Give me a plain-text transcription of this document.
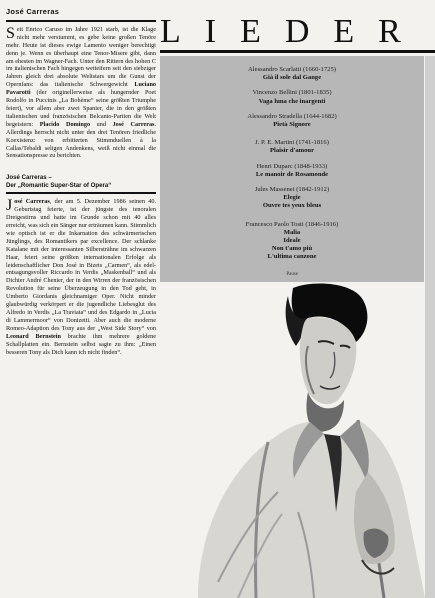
José Carreras

Seit Enrico Caruso im Jahre 1921 starb, ist die Klage nicht mehr verstummt, es gebe keine großen Tenöre mehr. Heute ist dieses ewige Lamento weniger berechtigt denn je. Wenn es überhaupt eine Tenor-Misere gibt, dann am ehesten im Wagner-Fach. Unter den Rittern des hohen C im italienischen Fach hingegen wetteifern seit den siebziger Jahren gleich drei absolute Weltstars um die Gunst der Opernfans: das italienische Schwergewicht Luciano Pavarotti (der originellerweise als hungernder Poet Rodolfo in Puccinis „La Bohème“ seine größten Triumphe feiert), vor allem aber zwei Spanier, die in den größten italienischen und französischen Belcanto-Partien die Welt begeistern: Placido Domingo und José Carreras. Allerdings herrscht nicht unter den drei Tenören friedliche Koexistenz: von erbitterten Stimmduellen à la Callas/Tebaldi seligen Andenkens, weiß nicht einmal die Sensationspresse zu berichten.

José Carreras –
Der „Romantic Super-Star of Opera“

José Carreras, der am 5. Dezember 1986 seinen 40. Geburtstag feierte, ist der jüngste des tenoralen Dreigestirns und hatte im Grunde schon mit 40 alles erreicht, was sich ein Sänger nur erträumen kann. Stimmlich wie optisch ist er die Inkarnation des schwärmerischen Jünglings, des Romantikers par excellence. Der schlanke Katalane mit der interessanten Silbersträhne im schwarzen Haar, feiert seine größten internationalen Erfolge als leidenschaftlicher Don José in Bizets „Carmen“, als edel-entsagungsvoller Riccardo in Verdis „Maskenball“ und als Dichter André Chenier, der in den Wirren der französischen Revolution für seine Überzeugung in den Tod geht, in Umberto Giordanis gleichnamiger Oper. Nicht minder glaubwürdig verkörpert er die jugendliche Liebesglut des Alfredo in Verdis „La Traviata“ und des Edgardo in „Lucia di Lammermoor“ von Donizetti. Aber auch die moderne Romeo-Adaption des Tony aus der „West Side Story“ von Leonard Bernstein brachte ihm mehrere goldene Schallplatten ein. Bernstein selbst sagte zu ihm: „Einen besseren Tony als Dich kann ich nicht finden“.

LIEDER
Alessandro Scarlatti (1660-1725)
Già il sole dal Gange
Vincenzo Bellini (1801-1835)
Vaga luna che inargenti
Alessandro Stradella (1644-1682)
Pietà Signore
J. P. E. Martini (1741-1816)
Plaisir d'amour
Henri Duparc (1848-1933)
Le manoir de Rosamonde
Jules Massenet (1842-1912)
Elegie
Ouvre tes yeux bleus
Francesco Paolo Tosti (1846-1916)
Malia
Ideale
Non t'amo più
L'ultima canzone
Pause
